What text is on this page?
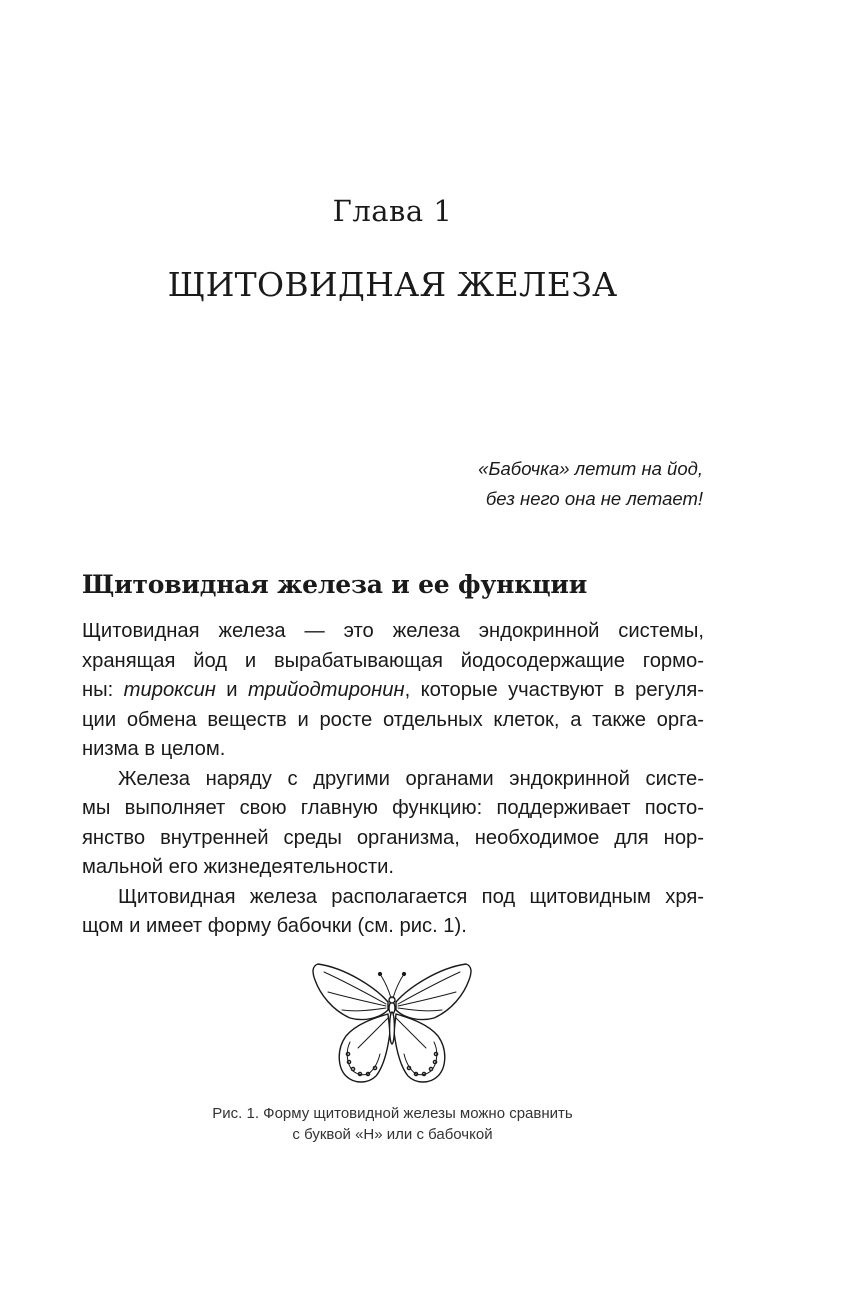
Глава 1
ЩИТОВИДНАЯ ЖЕЛЕЗА
«Бабочка» летит на йод,
без него она не летает!
Щитовидная железа и ее функции
Щитовидная железа — это железа эндокринной системы,
хранящая йод и вырабатывающая йодосодержащие гормо-
ны: тироксин и трийодтиронин, которые участвуют в регуля-
ции обмена веществ и росте отдельных клеток, а также орга-
низма в целом.
Железа наряду с другими органами эндокринной систе-
мы выполняет свою главную функцию: поддерживает посто-
янство внутренней среды организма, необходимое для нор-
мальной его жизнедеятельности.
Щитовидная железа располагается под щитовидным хря-
щом и имеет форму бабочки (см. рис. 1).
Рис. 1. Форму щитовидной железы можно сравнить
с буквой «Н» или с бабочкой
